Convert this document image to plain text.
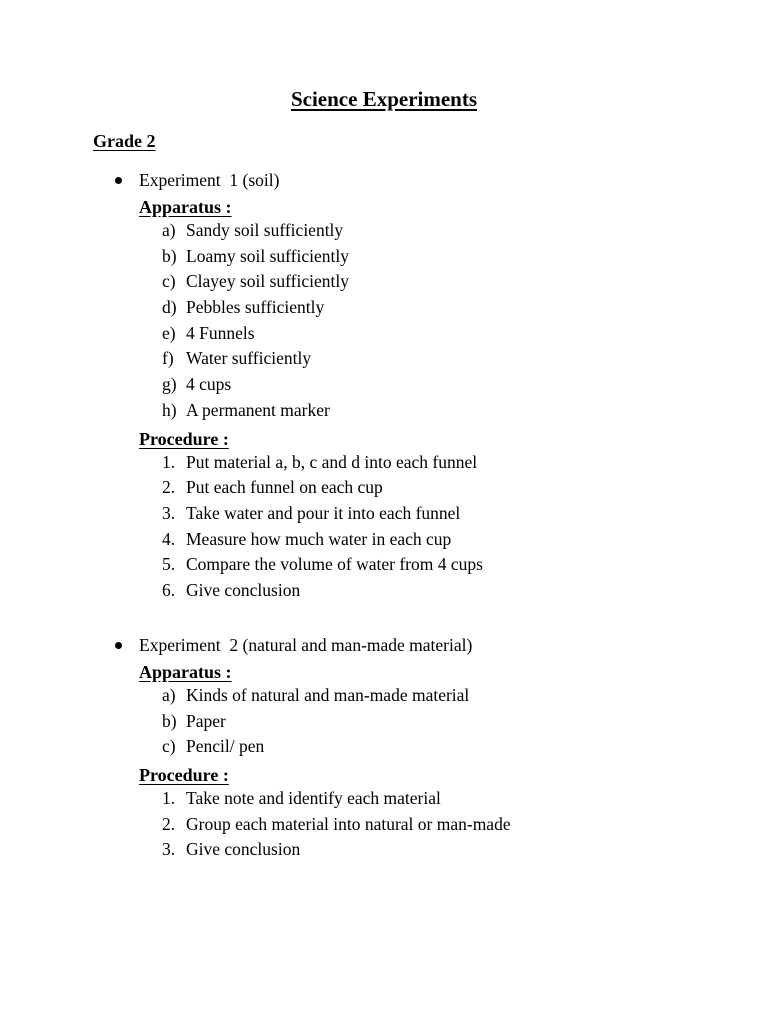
Science Experiments
Grade 2
Experiment  1 (soil)
Apparatus :
a) Sandy soil sufficiently
b) Loamy soil sufficiently
c) Clayey soil sufficiently
d) Pebbles sufficiently
e) 4 Funnels
f) Water sufficiently
g) 4 cups
h) A permanent marker
Procedure :
1. Put material a, b, c and d into each funnel
2. Put each funnel on each cup
3. Take water and pour it into each funnel
4. Measure how much water in each cup
5. Compare the volume of water from 4 cups
6. Give conclusion
Experiment  2 (natural and man-made material)
Apparatus :
a) Kinds of natural and man-made material
b) Paper
c) Pencil/ pen
Procedure :
1. Take note and identify each material
2. Group each material into natural or man-made
3. Give conclusion
